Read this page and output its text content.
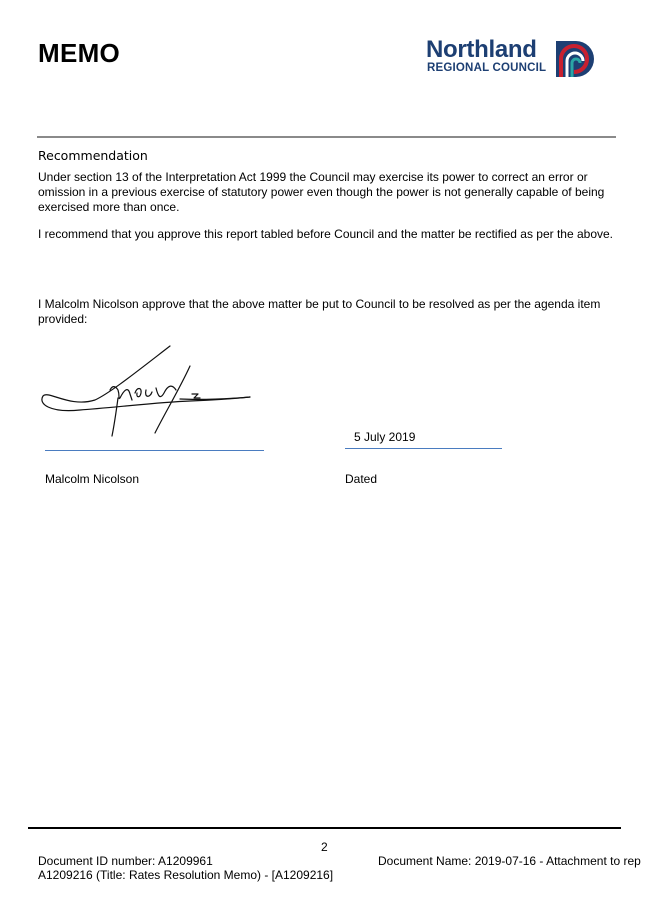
MEMO	Northland
REGIONAL COUNCIL
Recommendation
Under section 13 of the Interpretation Act 1999 the Council may exercise its power to correct an error or omission in a previous exercise of statutory power even though the power is not generally capable of being exercised more than once.
I recommend that you approve this report tabled before Council and the matter be rectified as per the above.
I Malcolm Nicolson approve that the above matter be put to Council to be resolved as per the agenda item provided:
5 July 2019
Malcolm Nicolson	Dated
2
Document ID number: A1209961	Document Name: 2019-07-16 - Attachment to rep
A1209216 (Title: Rates Resolution Memo) - [A1209216]
